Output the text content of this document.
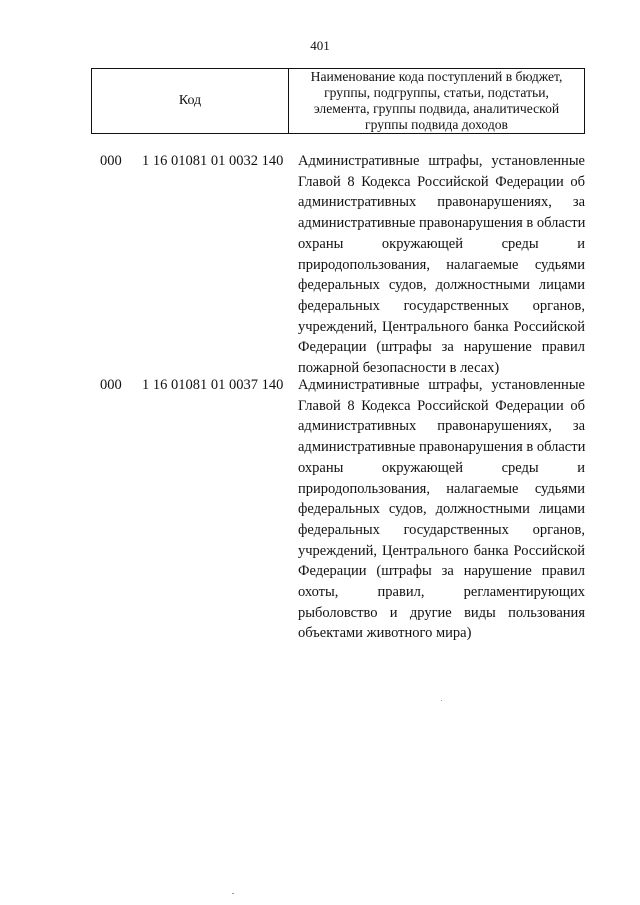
401
Код
Наименование кода поступлений в бюджет,
группы, подгруппы, статьи, подстатьи,
элемента, группы подвида, аналитической
группы подвида доходов
000 1 16 01081 01 0032 140 Административные штрафы, установленные
Главой 8 Кодекса Российской Федерации об
административных правонарушениях, за
административные правонарушения в области
охраны окружающей среды и
природопользования, налагаемые судьями
федеральных судов, должностными лицами
федеральных государственных органов,
учреждений, Центрального банка Российской
Федерации (штрафы за нарушение правил
пожарной безопасности в лесах)
000 1 16 01081 01 0037 140 Административные штрафы, установленные
Главой 8 Кодекса Российской Федерации об
административных правонарушениях, за
административные правонарушения в области
охраны окружающей среды и
природопользования, налагаемые судьями
федеральных судов, должностными лицами
федеральных государственных органов,
учреждений, Центрального банка Российской
Федерации (штрафы за нарушение правил
охоты, правил, регламентирующих
рыболовство и другие виды пользования
объектами животного мира)
